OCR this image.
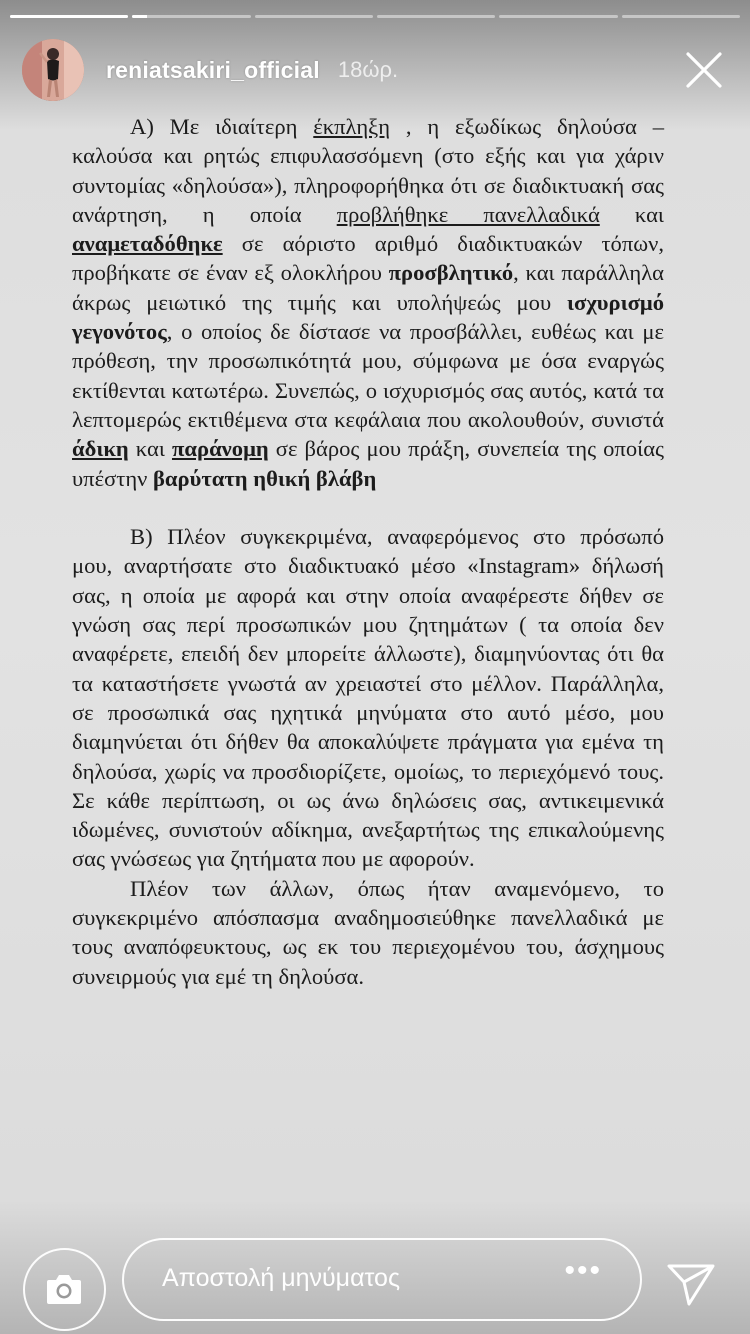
reniatsakiri_official 18ώρ.

Α) Με ιδιαίτερη έκπληξη , η εξωδίκως δηλούσα – καλούσα και ρητώς επιφυλασσόμενη (στο εξής και για χάριν συντομίας «δηλούσα»), πληροφορήθηκα ότι σε διαδικτυακή σας ανάρτηση, η οποία προβλήθηκε πανελλαδικά και αναμεταδόθηκε σε αόριστο αριθμό διαδικτυακών τόπων, προβήκατε σε έναν εξ ολοκλήρου προσβλητικό, και παράλληλα άκρως μειωτικό της τιμής και υπολήψεώς μου ισχυρισμό γεγονότος, ο οποίος δε δίστασε να προσβάλλει, ευθέως και με πρόθεση, την προσωπικότητά μου, σύμφωνα με όσα εναργώς εκτίθενται κατωτέρω. Συνεπώς, ο ισχυρισμός σας αυτός, κατά τα λεπτομερώς εκτιθέμενα στα κεφάλαια που ακολουθούν, συνιστά άδικη και παράνομη σε βάρος μου πράξη, συνεπεία της οποίας υπέστην βαρύτατη ηθική βλάβη

Β) Πλέον συγκεκριμένα, αναφερόμενος στο πρόσωπό μου, αναρτήσατε στο διαδικτυακό μέσο «Instagram» δήλωσή σας, η οποία με αφορά και στην οποία αναφέρεστε δήθεν σε γνώση σας περί προσωπικών μου ζητημάτων ( τα οποία δεν αναφέρετε, επειδή δεν μπορείτε άλλωστε), διαμηνύοντας ότι θα τα καταστήσετε γνωστά αν χρειαστεί στο μέλλον. Παράλληλα, σε προσωπικά σας ηχητικά μηνύματα στο αυτό μέσο, μου διαμηνύεται ότι δήθεν θα αποκαλύψετε πράγματα για εμένα τη δηλούσα, χωρίς να προσδιορίζετε, ομοίως, το περιεχόμενό τους. Σε κάθε περίπτωση, οι ως άνω δηλώσεις σας, αντικειμενικά ιδωμένες, συνιστούν αδίκημα, ανεξαρτήτως της επικαλούμενης σας γνώσεως για ζητήματα που με αφορούν.

Πλέον των άλλων, όπως ήταν αναμενόμενο, το συγκεκριμένο απόσπασμα αναδημοσιεύθηκε πανελλαδικά με τους αναπόφευκτους, ως εκ του περιεχομένου του, άσχημους συνειρμούς για εμέ τη δηλούσα.

Αποστολή μηνύματος	•••
